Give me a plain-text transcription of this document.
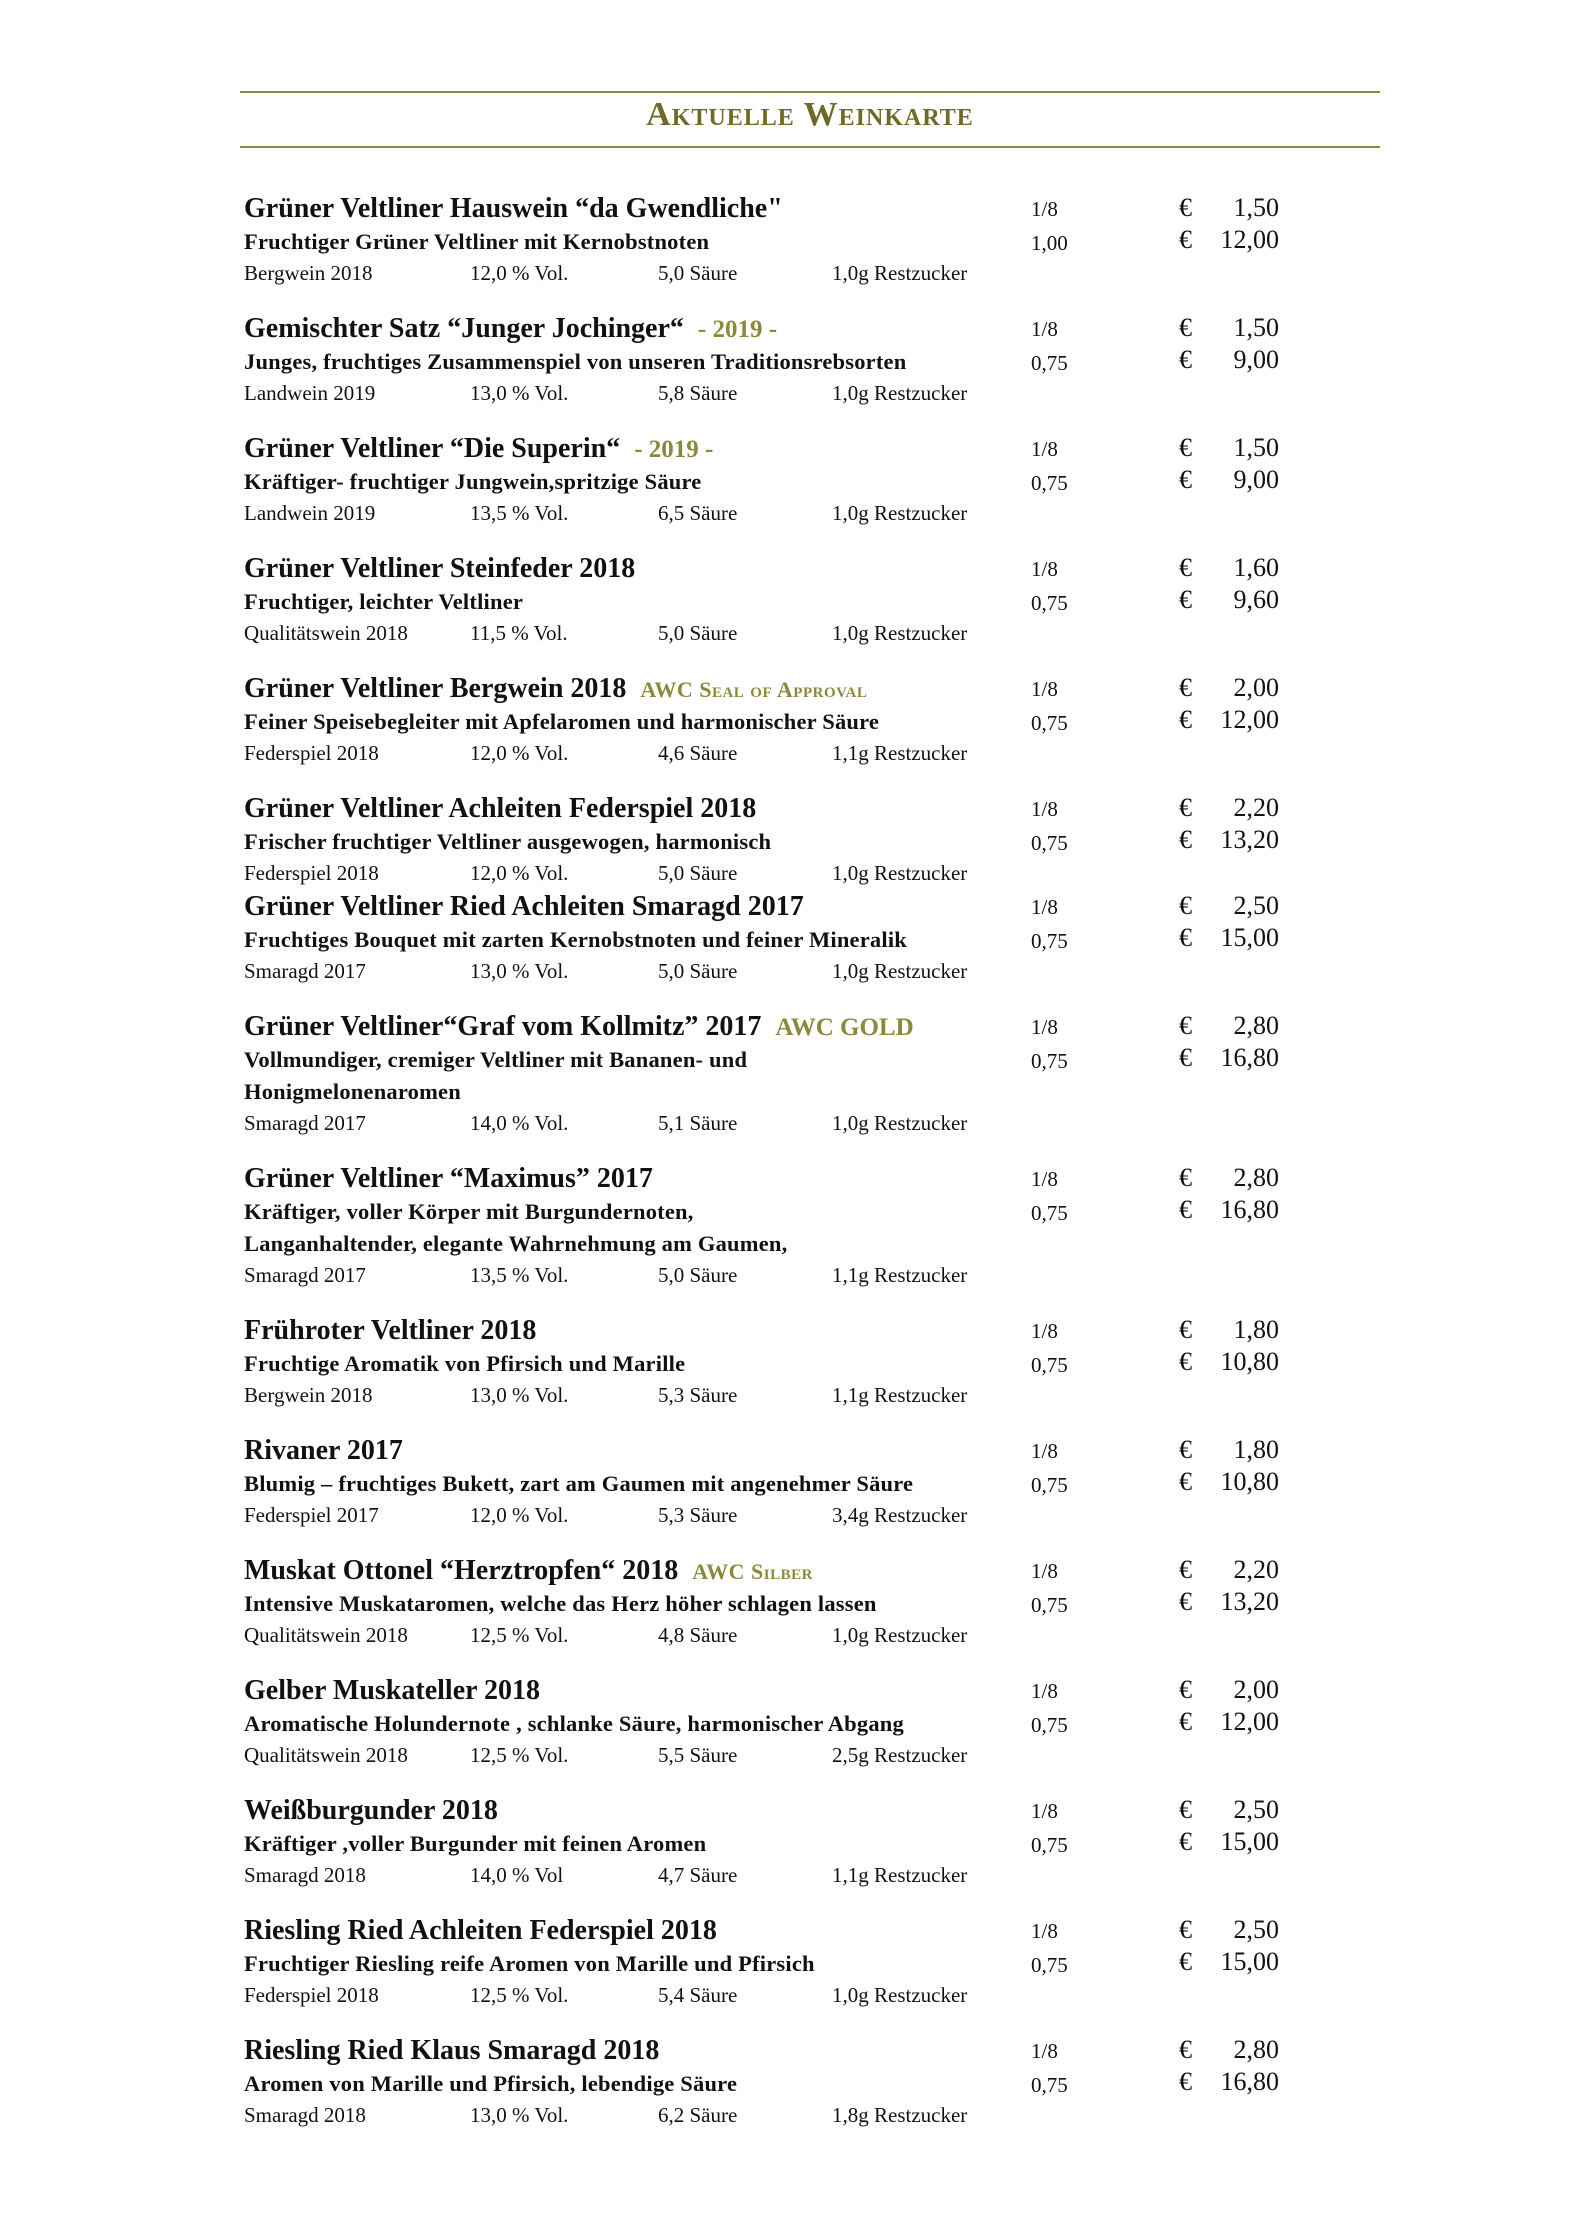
Aktuelle Weinkarte
Grüner Veltliner Hauswein “da Gwendliche"	1/8	€ 1,50
Fruchtiger Grüner Veltliner mit Kernobstnoten	1,00	€ 12,00
Bergwein 2018	12,0 % Vol.	5,0 Säure	1,0g Restzucker
Gemischter Satz “Junger Jochinger“ - 2019 -	1/8	€ 1,50
Junges, fruchtiges Zusammenspiel von unseren Traditionsrebsorten	0,75	€ 9,00
Landwein 2019	13,0 % Vol.	5,8 Säure	1,0g Restzucker
Grüner Veltliner “Die Superin“ - 2019 -	1/8	€ 1,50
Kräftiger- fruchtiger Jungwein,spritzige Säure	0,75	€ 9,00
Landwein 2019	13,5 % Vol.	6,5 Säure	1,0g Restzucker
Grüner Veltliner Steinfeder 2018	1/8	€ 1,60
Fruchtiger, leichter Veltliner	0,75	€ 9,60
Qualitätswein 2018	11,5 % Vol.	5,0 Säure	1,0g Restzucker
Grüner Veltliner Bergwein 2018 AWC Seal of Approval	1/8	€ 2,00
Feiner Speisebegleiter mit Apfelaromen und harmonischer Säure	0,75	€ 12,00
Federspiel 2018	12,0 % Vol.	4,6 Säure	1,1g Restzucker
Grüner Veltliner Achleiten Federspiel 2018	1/8	€ 2,20
Frischer fruchtiger Veltliner ausgewogen, harmonisch	0,75	€ 13,20
Federspiel 2018	12,0 % Vol.	5,0 Säure	1,0g Restzucker
Grüner Veltliner Ried Achleiten Smaragd 2017	1/8	€ 2,50
Fruchtiges Bouquet mit zarten Kernobstnoten und feiner Mineralik	0,75	€ 15,00
Smaragd 2017	13,0 % Vol.	5,0 Säure	1,0g Restzucker
Grüner Veltliner“Graf vom Kollmitz” 2017 AWC GOLD	1/8	€ 2,80
Vollmundiger, cremiger Veltliner mit Bananen- und	0,75	€ 16,80
Honigmelonenaromen
Smaragd 2017	14,0 % Vol.	5,1 Säure	1,0g Restzucker
Grüner Veltliner “Maximus” 2017	1/8	€ 2,80
Kräftiger, voller Körper mit Burgundernoten,	0,75	€ 16,80
Langanhaltender, elegante Wahrnehmung am Gaumen,
Smaragd 2017	13,5 % Vol.	5,0 Säure	1,1g Restzucker
Frühroter Veltliner 2018	1/8	€ 1,80
Fruchtige Aromatik von Pfirsich und Marille	0,75	€ 10,80
Bergwein 2018	13,0 % Vol.	5,3 Säure	1,1g Restzucker
Rivaner 2017	1/8	€ 1,80
Blumig – fruchtiges Bukett, zart am Gaumen mit angenehmer Säure	0,75	€ 10,80
Federspiel 2017	12,0 % Vol.	5,3 Säure	3,4g Restzucker
Muskat Ottonel “Herztropfen“ 2018 AWC Silber	1/8	€ 2,20
Intensive Muskataromen, welche das Herz höher schlagen lassen	0,75	€ 13,20
Qualitätswein 2018	12,5 % Vol.	4,8 Säure	1,0g Restzucker
Gelber Muskateller 2018	1/8	€ 2,00
Aromatische Holundernote , schlanke Säure, harmonischer Abgang	0,75	€ 12,00
Qualitätswein 2018	12,5 % Vol.	5,5 Säure	2,5g Restzucker
Weißburgunder 2018	1/8	€ 2,50
Kräftiger ,voller Burgunder mit feinen Aromen	0,75	€ 15,00
Smaragd 2018	14,0 % Vol	4,7 Säure	1,1g Restzucker
Riesling Ried Achleiten Federspiel 2018	1/8	€ 2,50
Fruchtiger Riesling reife Aromen von Marille und Pfirsich	0,75	€ 15,00
Federspiel 2018	12,5 % Vol.	5,4 Säure	1,0g Restzucker
Riesling Ried Klaus Smaragd 2018	1/8	€ 2,80
Aromen von Marille und Pfirsich, lebendige Säure	0,75	€ 16,80
Smaragd 2018	13,0 % Vol.	6,2 Säure	1,8g Restzucker
